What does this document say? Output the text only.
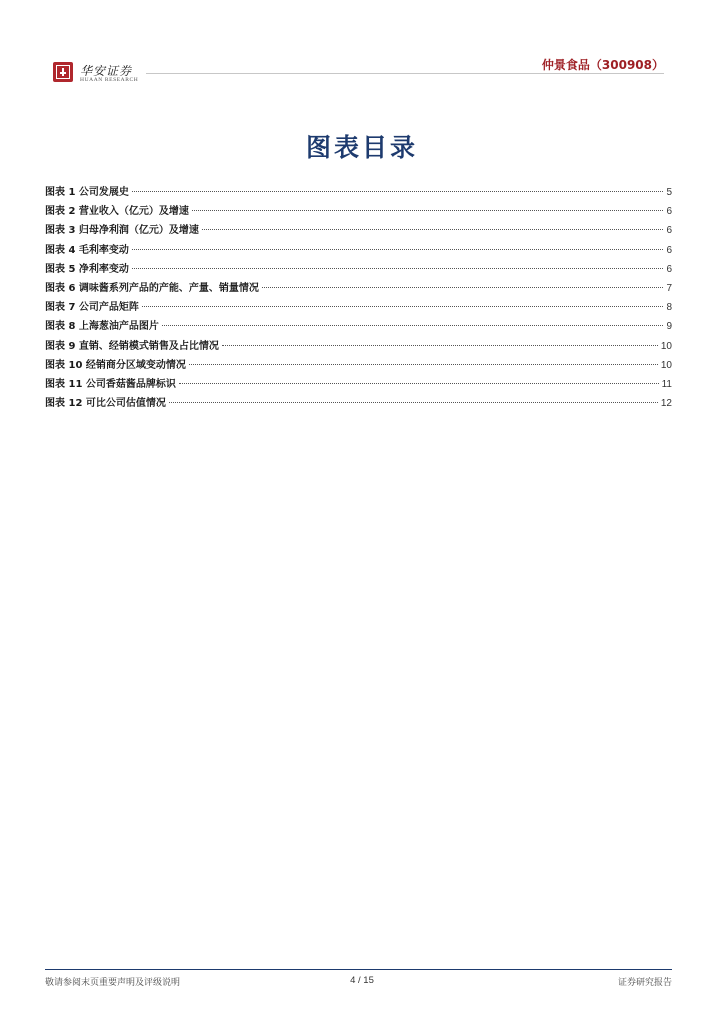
华安证券
HUAAN RESEARCH
仲景食品（300908）
图表目录
图表 1 公司发展史	5
图表 2 营业收入（亿元）及增速	6
图表 3 归母净利润（亿元）及增速	6
图表 4 毛利率变动	6
图表 5 净利率变动	6
图表 6 调味酱系列产品的产能、产量、销量情况	7
图表 7 公司产品矩阵	8
图表 8 上海葱油产品图片	9
图表 9 直销、经销模式销售及占比情况	10
图表 10 经销商分区域变动情况	10
图表 11 公司香菇酱品牌标识	11
图表 12 可比公司估值情况	12
敬请参阅末页重要声明及评级说明	4 / 15	证券研究报告
